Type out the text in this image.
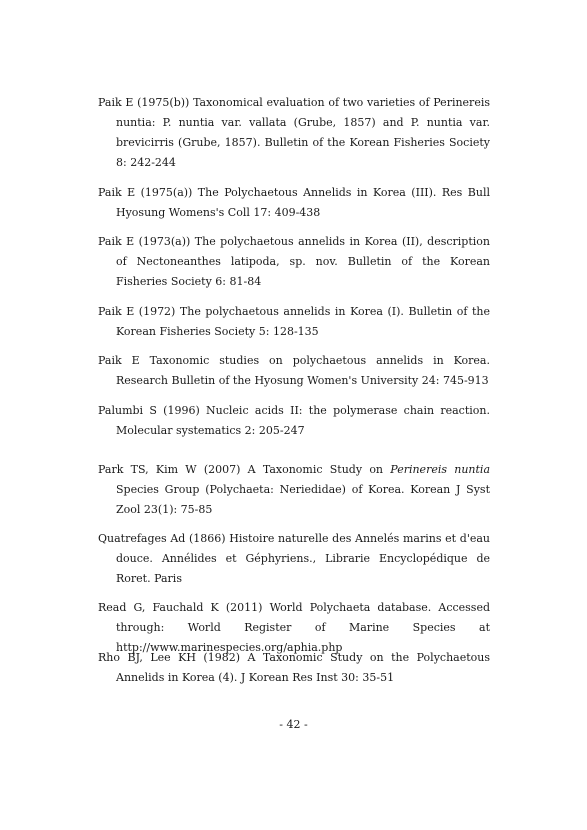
Paik E (1975(b)) Taxonomical evaluation of two varieties of Perinereis nuntia: P. nuntia var. vallata (Grube, 1857) and P. nuntia var. brevicirris (Grube, 1857). Bulletin of the Korean Fisheries Society 8: 242-244

Paik E (1975(a)) The Polychaetous Annelids in Korea (III). Res Bull Hyosung Womens's Coll 17: 409-438

Paik E (1973(a)) The polychaetous annelids in Korea (II), description of Nectoneanthes latipoda, sp. nov. Bulletin of the Korean Fisheries Society 6: 81-84

Paik E (1972) The polychaetous annelids in Korea (I). Bulletin of the Korean Fisheries Society 5: 128-135

Paik E Taxonomic studies on polychaetous annelids in Korea. Research Bulletin of the Hyosung Women's University 24: 745-913

Palumbi S (1996) Nucleic acids II: the polymerase chain reaction. Molecular systematics 2: 205-247

Park TS, Kim W (2007) A Taxonomic Study on Perinereis nuntia Species Group (Polychaeta: Neriedidae) of Korea. Korean J Syst Zool 23(1): 75-85

Quatrefages Ad (1866) Histoire naturelle des Annelés marins et d'eau douce. Annélides et Géphyriens., Librarie Encyclopédique de Roret. Paris

Read G, Fauchald K (2011) World Polychaeta database. Accessed through: World Register of Marine Species at http://www.marinespecies.org/aphia.php

Rho BJ, Lee KH (1982) A Taxonomic Study on the Polychaetous Annelids in Korea (4). J Korean Res Inst 30: 35-51

- 42 -
